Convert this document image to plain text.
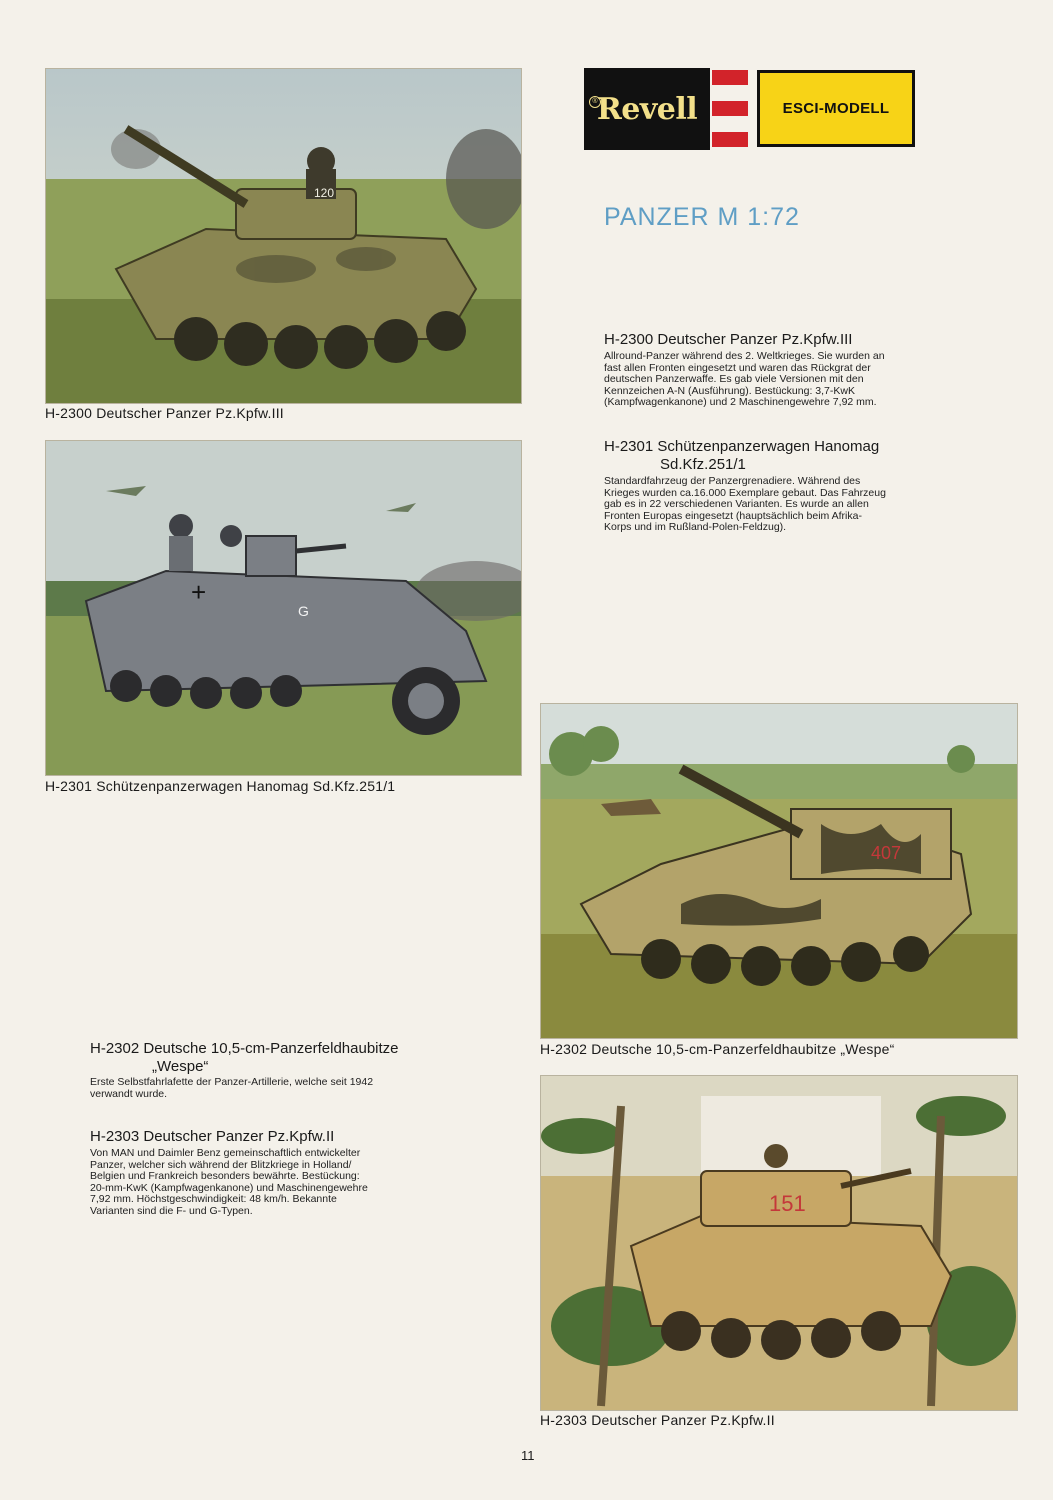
120
H-2300 Deutscher Panzer Pz.Kpfw.III
+
G
H-2301 Schützenpanzerwagen Hanomag Sd.Kfz.251/1
Revell
®	ESCI-MODELL
PANZER M 1:72
H-2300 Deutscher Panzer Pz.Kpfw.III
Allround-Panzer während des 2. Weltkrieges. Sie wurden an
fast allen Fronten eingesetzt und waren das Rückgrat der
deutschen Panzerwaffe. Es gab viele Versionen mit den
Kennzeichen A-N (Ausführung). Bestückung: 3,7-KwK
(Kampfwagenkanone) und 2 Maschinengewehre 7,92 mm.
H-2301 Schützenpanzerwagen Hanomag
Sd.Kfz.251/1
Standardfahrzeug der Panzergrenadiere. Während des
Krieges wurden ca.16.000 Exemplare gebaut. Das Fahrzeug
gab es in 22 verschiedenen Varianten. Es wurde an allen
Fronten Europas eingesetzt (hauptsächlich beim Afrika-
Korps und im Rußland-Polen-Feldzug).
407
H-2302 Deutsche 10,5-cm-Panzerfeldhaubitze „Wespe“
H-2302 Deutsche 10,5-cm-Panzerfeldhaubitze
„Wespe“
Erste Selbstfahrlafette der Panzer-Artillerie, welche seit 1942
verwandt wurde.
H-2303 Deutscher Panzer Pz.Kpfw.II
Von MAN und Daimler Benz gemeinschaftlich entwickelter
Panzer, welcher sich während der Blitzkriege in Holland/
Belgien und Frankreich besonders bewährte. Bestückung:
20-mm-KwK (Kampfwagenkanone) und Maschinengewehre
7,92 mm. Höchstgeschwindigkeit: 48 km/h. Bekannte
Varianten sind die F- und G-Typen.	151
H-2303 Deutscher Panzer Pz.Kpfw.II
11
